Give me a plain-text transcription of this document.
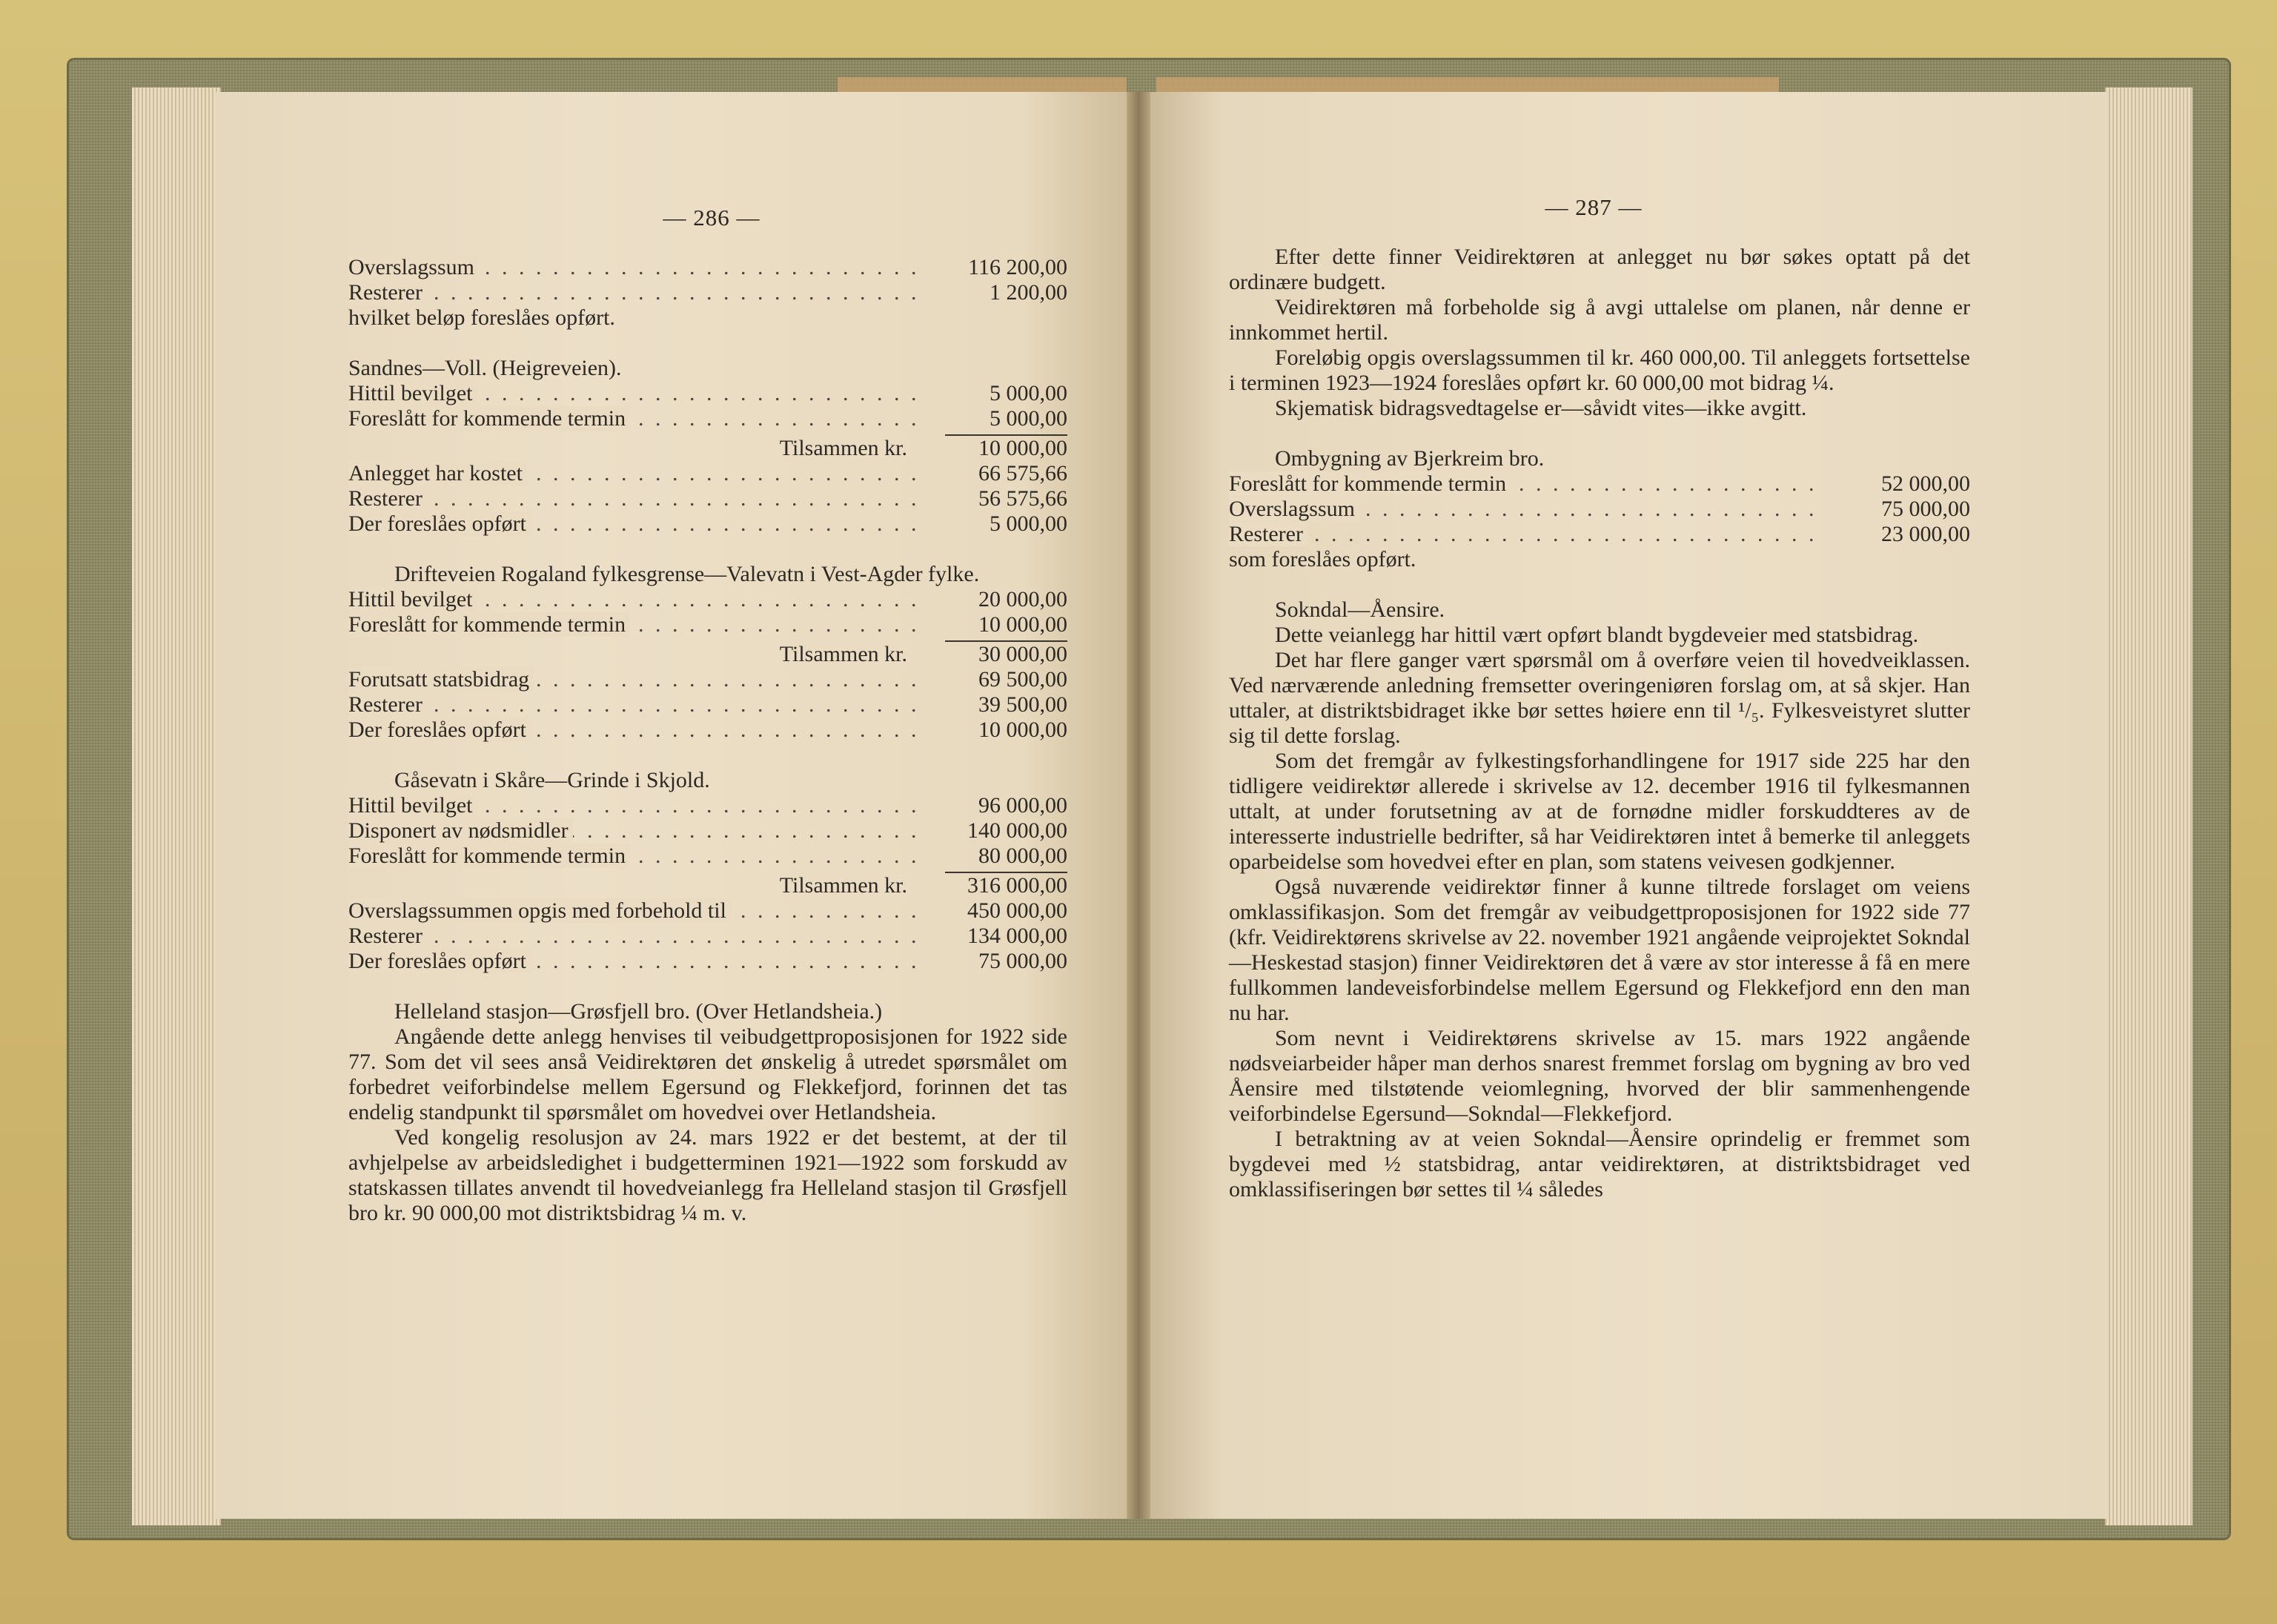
— 286 —	— 287 —
. . .
Overslagssum	116 200,00
. . .
Resterer	1 200,00
hvilket beløp foreslåes opført.
Sandnes—Voll. (Heigreveien).
. . .
Hittil bevilget	5 000,00
. . .
Foreslått for kommende termin	5 000,00
Tilsammen kr.	10 000,00
. . .
Anlegget har kostet	66 575,66
. . .
Resterer	56 575,66
. . .
Der foreslåes opført	5 000,00
Drifteveien Rogaland fylkesgrense—Valevatn i Vest-Agder fylke.
. . .
Hittil bevilget	20 000,00
. . .
Foreslått for kommende termin	10 000,00
Tilsammen kr.	30 000,00
. . .
Forutsatt statsbidrag	69 500,00
. . .
Resterer	39 500,00
. . .
Der foreslåes opført	10 000,00
Gåsevatn i Skåre—Grinde i Skjold.
. . .
Hittil bevilget	96 000,00
. . .
Disponert av nødsmidler	140 000,00
. . .
Foreslått for kommende termin	80 000,00
Tilsammen kr.	316 000,00
. . .
Overslagssummen opgis med forbehold til	450 000,00
. . .
Resterer	134 000,00
. . .
Der foreslåes opført	75 000,00
Helleland stasjon—Grøsfjell bro. (Over Hetlandsheia.)
Angående dette anlegg henvises til veibudgettproposisjonen for 1922 side 77. Som det vil sees anså Veidirektøren det ønskelig å utredet spørsmålet om forbedret veiforbindelse mellem Egersund og Flekkefjord, forinnen det tas endelig standpunkt til spørsmålet om hovedvei over Hetlandsheia.
Ved kongelig resolusjon av 24. mars 1922 er det bestemt, at der til avhjelpelse av arbeidsledighet i budgetterminen 1921—1922 som forskudd av statskassen tillates anvendt til hovedveianlegg fra Helleland stasjon til Grøsfjell bro kr. 90 000,00 mot distriktsbidrag ¼ m. v.
Efter dette finner Veidirektøren at anlegget nu bør søkes optatt på det ordinære budgett.
Veidirektøren må forbeholde sig å avgi uttalelse om planen, når denne er innkommet hertil.
Foreløbig opgis overslagssummen til kr. 460 000,00. Til anleggets fortsettelse i terminen 1923—1924 foreslåes opført kr. 60 000,00 mot bidrag ¼.
Skjematisk bidragsvedtagelse er—såvidt vites—ikke avgitt.
Ombygning av Bjerkreim bro.
. . .
Foreslått for kommende termin	52 000,00
. . .
Overslagssum	75 000,00
. . .
Resterer	23 000,00
som foreslåes opført.
Sokndal—Åensire.
Dette veianlegg har hittil vært opført blandt bygdeveier med statsbidrag.
Det har flere ganger vært spørsmål om å overføre veien til hovedveiklassen. Ved nærværende anledning fremsetter overingeniøren forslag om, at så skjer. Han uttaler, at distriktsbidraget ikke bør settes høiere enn til ¹/₅. Fylkesveistyret slutter sig til dette forslag.
Som det fremgår av fylkestingsforhandlingene for 1917 side 225 har den tidligere veidirektør allerede i skrivelse av 12. december 1916 til fylkesmannen uttalt, at under forutsetning av at de fornødne midler forskuddteres av de interesserte industrielle bedrifter, så har Veidirektøren intet å bemerke til anleggets oparbeidelse som hovedvei efter en plan, som statens veivesen godkjenner.
Også nuværende veidirektør finner å kunne tiltrede forslaget om veiens omklassifikasjon. Som det fremgår av veibudgettproposisjonen for 1922 side 77 (kfr. Veidirektørens skrivelse av 22. november 1921 angående veiprojektet Sokndal—Heskestad stasjon) finner Veidirektøren det å være av stor interesse å få en mere fullkommen landeveisforbindelse mellem Egersund og Flekkefjord enn den man nu har.
Som nevnt i Veidirektørens skrivelse av 15. mars 1922 angående nødsveiarbeider håper man derhos snarest fremmet forslag om bygning av bro ved Åensire med tilstøtende veiomlegning, hvorved der blir sammenhengende veiforbindelse Egersund—Sokndal—Flekkefjord.
I betraktning av at veien Sokndal—Åensire oprindelig er fremmet som bygdevei med ½ statsbidrag, antar veidirektøren, at distriktsbidraget ved omklassifiseringen bør settes til ¼ således
